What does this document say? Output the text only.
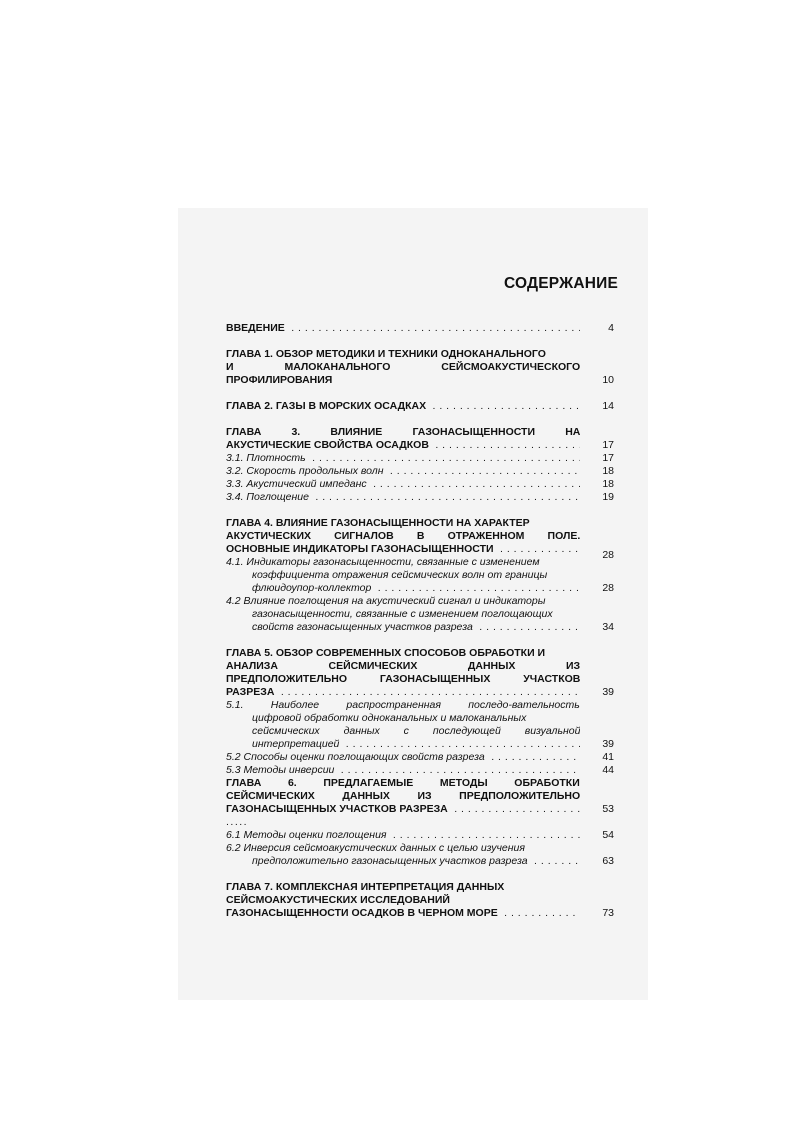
СОДЕРЖАНИЕ
ВВЕДЕНИЕ . . .	4
ГЛАВА 1. ОБЗОР МЕТОДИКИ И ТЕХНИКИ ОДНОКАНАЛЬНОГО
И МАЛОКАНАЛЬНОГО СЕЙСМОАКУСТИЧЕСКОГО
ПРОФИЛИРОВАНИЯ	10
ГЛАВА 2. ГАЗЫ В МОРСКИХ ОСАДКАХ . . .	14
ГЛАВА 3. ВЛИЯНИЕ ГАЗОНАСЫЩЕННОСТИ НА
АКУСТИЧЕСКИЕ СВОЙСТВА ОСАДКОВ . . .	17
3.1. Плотность . . .	17
3.2. Скорость продольных волн . . .	18
3.3. Акустический импеданс . . .	18
3.4. Поглощение . . .	19
ГЛАВА 4. ВЛИЯНИЕ ГАЗОНАСЫЩЕННОСТИ НА ХАРАКТЕР
АКУСТИЧЕСКИХ СИГНАЛОВ В ОТРАЖЕННОМ ПОЛЕ.
ОСНОВНЫЕ ИНДИКАТОРЫ ГАЗОНАСЫЩЕННОСТИ . . .	28
4.1. Индикаторы газонасыщенности, связанные с изменением
коэффициента отражения сейсмических волн от границы
флюидоупор-коллектор . . .	28
4.2 Влияние поглощения на акустический сигнал и индикаторы
газонасыщенности, связанные с изменением поглощающих
свойств газонасыщенных участков разреза . . .	34
ГЛАВА 5. ОБЗОР СОВРЕМЕННЫХ СПОСОБОВ ОБРАБОТКИ И
АНАЛИЗА СЕЙСМИЧЕСКИХ ДАННЫХ ИЗ
ПРЕДПОЛОЖИТЕЛЬНО ГАЗОНАСЫЩЕННЫХ УЧАСТКОВ
РАЗРЕЗА . . .	39
5.1. Наиболее распространенная последо-вательность
цифровой обработки одноканальных и малоканальных
сейсмических данных с последующей визуальной
интерпретацией . . .	39
5.2 Способы оценки поглощающих свойств разреза . . .	41
5.3 Методы инверсии . . .	44
ГЛАВА 6. ПРЕДЛАГАЕМЫЕ МЕТОДЫ ОБРАБОТКИ
СЕЙСМИЧЕСКИХ ДАННЫХ ИЗ ПРЕДПОЛОЖИТЕЛЬНО
ГАЗОНАСЫЩЕННЫХ УЧАСТКОВ РАЗРЕЗА . . .	53
.....
6.1 Методы оценки поглощения . . .	54
6.2 Инверсия сейсмоакустических данных с целью изучения
предположительно газонасыщенных участков разреза . . .	63
ГЛАВА 7. КОМПЛЕКСНАЯ ИНТЕРПРЕТАЦИЯ ДАННЫХ
СЕЙСМОАКУСТИЧЕСКИХ ИССЛЕДОВАНИЙ
ГАЗОНАСЫЩЕННОСТИ ОСАДКОВ В ЧЕРНОМ МОРЕ . . .	73
